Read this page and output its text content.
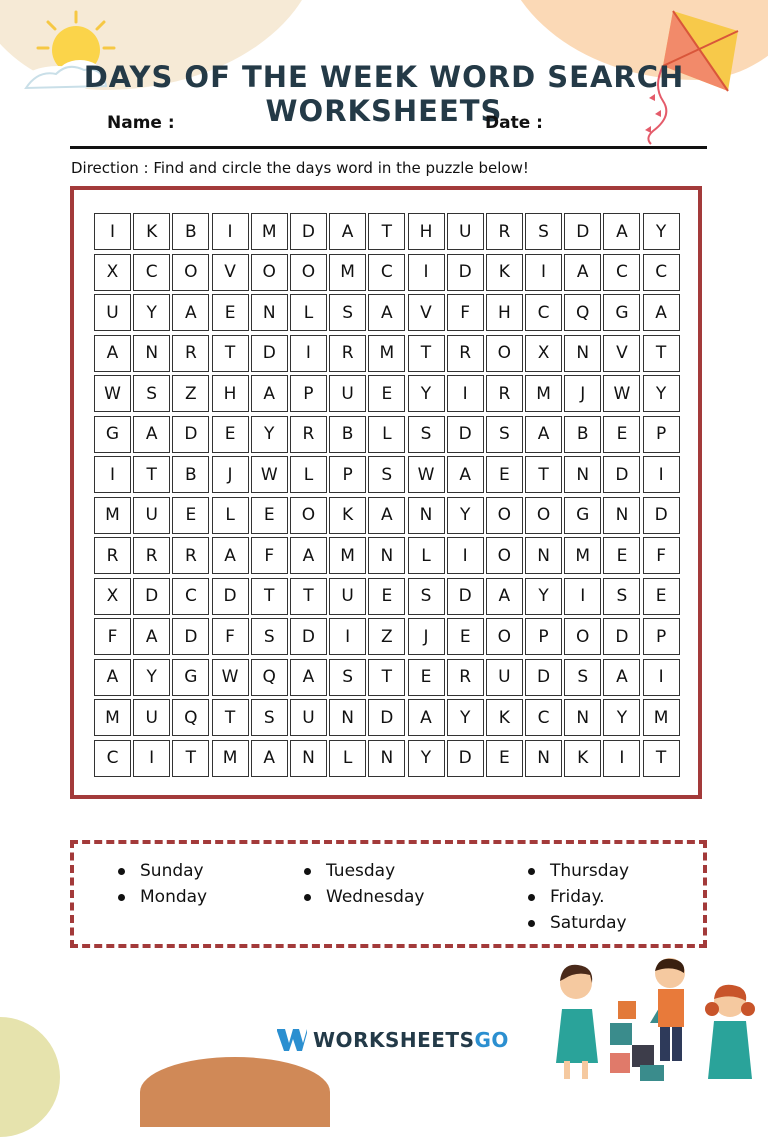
DAYS OF THE WEEK WORD SEARCH WORKSHEETS
Name :	Date :
Direction : Find and circle the days word in the puzzle below!
I	K	B	I	M	D	A	T	H	U	R	S	D	A	Y
X	C	O	V	O	O	M	C	I	D	K	I	A	C	C
U	Y	A	E	N	L	S	A	V	F	H	C	Q	G	A
A	N	R	T	D	I	R	M	T	R	O	X	N	V	T
W	S	Z	H	A	P	U	E	Y	I	R	M	J	W	Y
G	A	D	E	Y	R	B	L	S	D	S	A	B	E	P
I	T	B	J	W	L	P	S	W	A	E	T	N	D	I
M	U	E	L	E	O	K	A	N	Y	O	O	G	N	D
R	R	R	A	F	A	M	N	L	I	O	N	M	E	F
X	D	C	D	T	T	U	E	S	D	A	Y	I	S	E
F	A	D	F	S	D	I	Z	J	E	O	P	O	D	P
A	Y	G	W	Q	A	S	T	E	R	U	D	S	A	I
M	U	Q	T	S	U	N	D	A	Y	K	C	N	Y	M
C	I	T	M	A	N	L	N	Y	D	E	N	K	I	T
Sunday
Monday
Tuesday
Wednesday
Thursday
Friday.
Saturday
WORKSHEETS GO
